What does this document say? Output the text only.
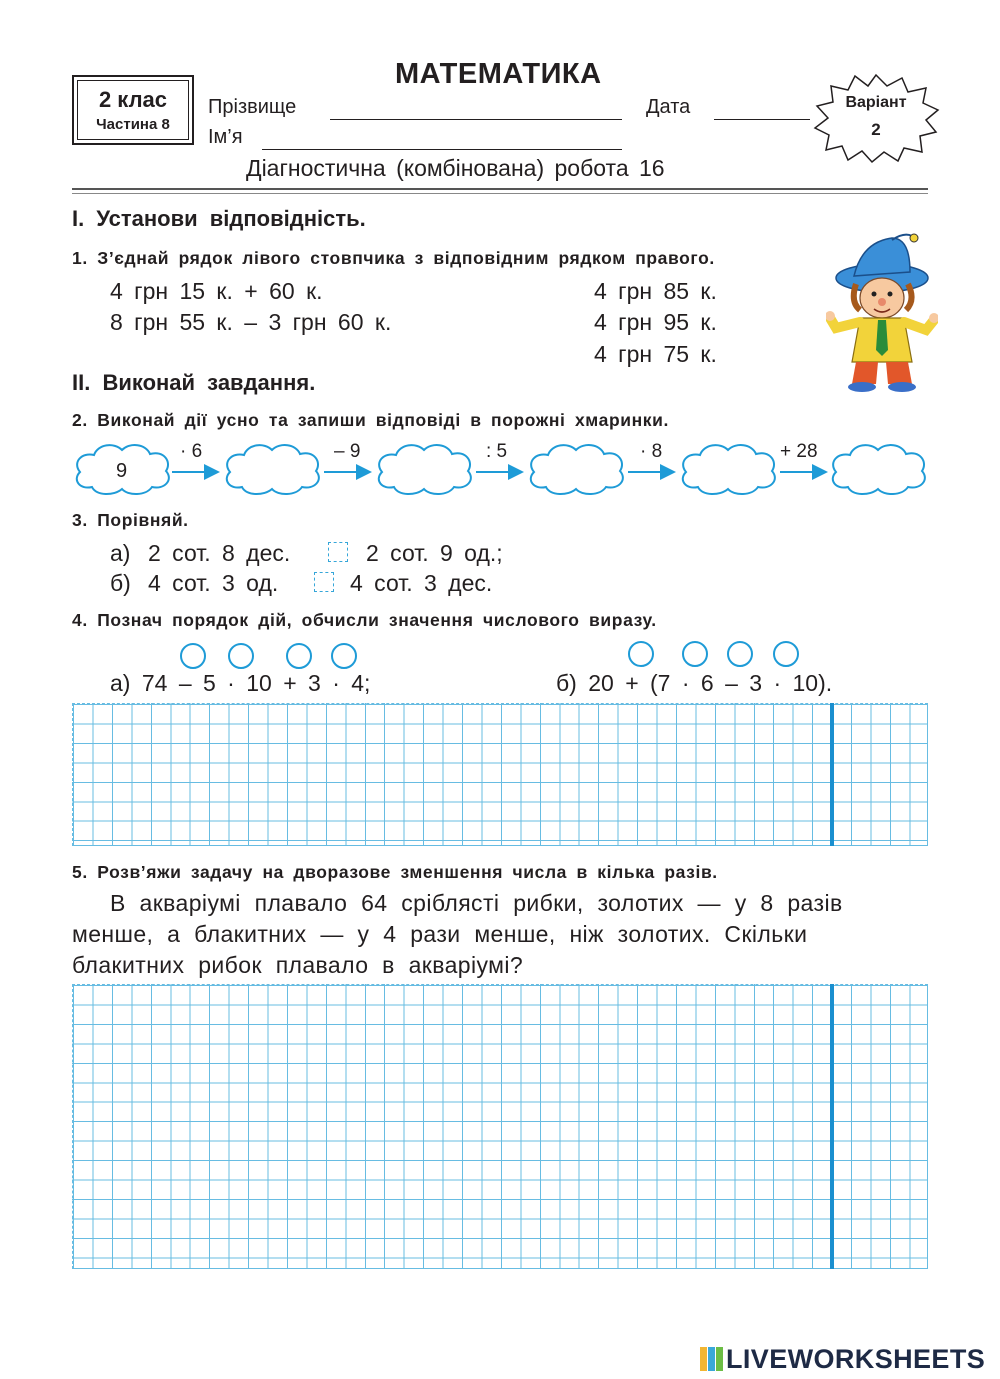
2 клас
Частина 8
МАТЕМАТИКА
Прізвище
Ім’я
Дата	Варіант
2
Діагностична (комбінована) робота 16
I. Установи відповідність.
1. З’єднай рядок лівого стовпчика з відповідним рядком правого.
4 грн 15 к. + 60 к.
8 грн 55 к. – 3 грн 60 к.
4 грн 85 к.
4 грн 95 к.
4 грн 75 к.
II. Виконай завдання.
2. Виконай дії усно та запиши відповіді в порожні хмаринки.
9
· 6	– 9	: 5	· 8	+ 28
3. Порівняй.
а) 2 сот. 8 дес.	2 сот. 9 од.;
б) 4 сот. 3 од.	4 сот. 3 дес.
4. Познач порядок дій, обчисли значення числового виразу.
а) 74 – 5 · 10 + 3 · 4;	б) 20 + (7 · 6 – 3 · 10).
5. Розв’яжи задачу на дворазове зменшення числа в кілька разів.
В акваріумі плавало 64 сріблясті рибки, золотих — у 8 разів
менше, а блакитних — у 4 рази менше, ніж золотих. Скільки
блакитних рибок плавало в акваріумі?
LIVEWORKSHEETS
